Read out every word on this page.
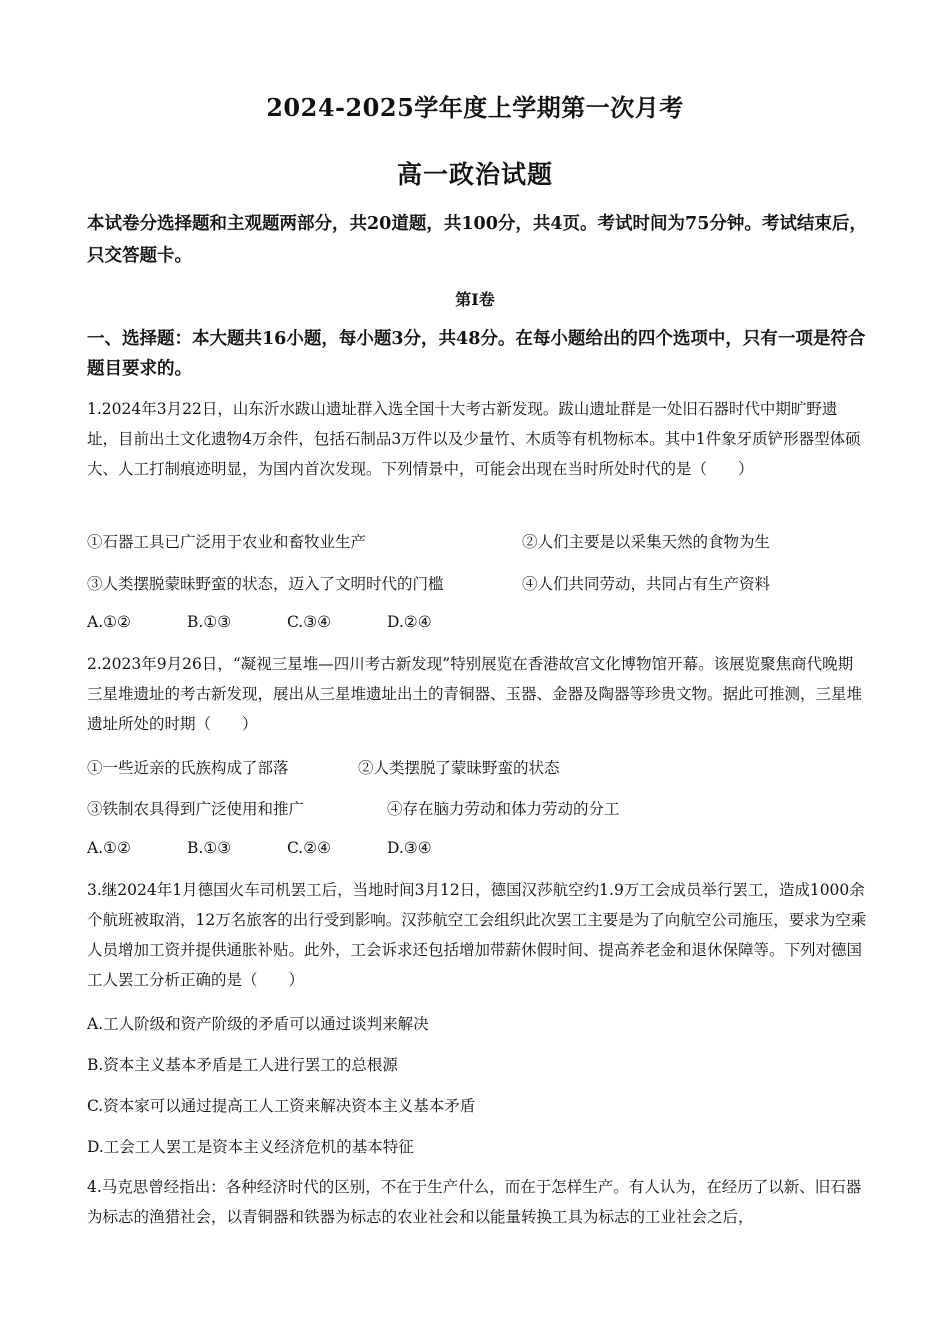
2024-2025学年度上学期第一次月考
高一政治试题
本试卷分选择题和主观题两部分，共20道题，共100分，共4页。考试时间为75分钟。考试结束后，只交答题卡。
第Ⅰ卷
一、选择题：本大题共16小题，每小题3分，共48分。在每小题给出的四个选项中，只有一项是符合题目要求的。
1.2024年3月22日，山东沂水跋山遗址群入选全国十大考古新发现。跋山遗址群是一处旧石器时代中期旷野遗址，目前出土文化遗物4万余件，包括石制品3万件以及少量竹、木质等有机物标本。其中1件象牙质铲形器型体硕大、人工打制痕迹明显，为国内首次发现。下列情景中，可能会出现在当时所处时代的是（　　）
①石器工具已广泛用于农业和畜牧业生产	②人们主要是以采集天然的食物为生
③人类摆脱蒙昧野蛮的状态，迈入了文明时代的门槛	④人们共同劳动，共同占有生产资料
A.①②	B.①③	C.③④	D.②④
2.2023年9月26日，“凝视三星堆—四川考古新发现”特别展览在香港故宫文化博物馆开幕。该展览聚焦商代晚期三星堆遗址的考古新发现，展出从三星堆遗址出土的青铜器、玉器、金器及陶器等珍贵文物。据此可推测，三星堆遗址所处的时期（　　）
①一些近亲的氏族构成了部落	②人类摆脱了蒙昧野蛮的状态
③铁制农具得到广泛使用和推广	④存在脑力劳动和体力劳动的分工
A.①②	B.①③	C.②④	D.③④
3.继2024年1月德国火车司机罢工后，当地时间3月12日，德国汉莎航空约1.9万工会成员举行罢工，造成1000余个航班被取消，12万名旅客的出行受到影响。汉莎航空工会组织此次罢工主要是为了向航空公司施压，要求为空乘人员增加工资并提供通胀补贴。此外，工会诉求还包括增加带薪休假时间、提高养老金和退休保障等。下列对德国工人罢工分析正确的是（　　）
A.工人阶级和资产阶级的矛盾可以通过谈判来解决
B.资本主义基本矛盾是工人进行罢工的总根源
C.资本家可以通过提高工人工资来解决资本主义基本矛盾
D.工会工人罢工是资本主义经济危机的基本特征
4.马克思曾经指出：各种经济时代的区别，不在于生产什么，而在于怎样生产。有人认为，在经历了以新、旧石器为标志的渔猎社会，以青铜器和铁器为标志的农业社会和以能量转换工具为标志的工业社会之后，
